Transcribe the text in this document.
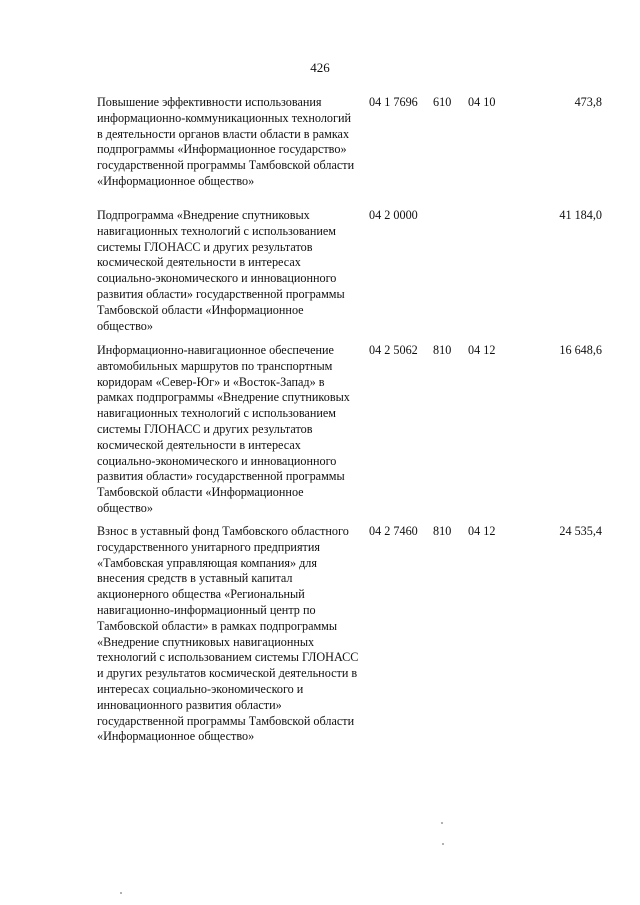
426
Повышение эффективности использования информационно-коммуникационных технологий в деятельности органов власти области в рамках подпрограммы «Информационное государство» государственной программы Тамбовской области «Информационное общество»
04 1 7696 610 04 10	473,8
Подпрограмма «Внедрение спутниковых навигационных технологий с использованием системы ГЛОНАСС и других результатов космической деятельности в интересах социально-экономического и инновационного развития области» государственной программы Тамбовской области «Информационное общество»
04 2 0000	41 184,0
Информационно-навигационное обеспечение автомобильных маршрутов по транспортным коридорам «Север-Юг» и «Восток-Запад» в рамках подпрограммы «Внедрение спутниковых навигационных технологий с использованием системы ГЛОНАСС и других результатов космической деятельности в интересах социально-экономического и инновационного развития области» государственной программы Тамбовской области «Информационное общество»
04 2 5062 810 04 12	16 648,6
Взнос в уставный фонд Тамбовского областного государственного унитарного предприятия «Тамбовская управляющая компания» для внесения средств в уставный капитал акционерного общества «Региональный навигационно-информационный центр по Тамбовской области» в рамках подпрограммы «Внедрение спутниковых навигационных технологий с использованием системы ГЛОНАСС и других результатов космической деятельности в интересах социально-экономического и инновационного развития области» государственной программы Тамбовской области «Информационное общество»
04 2 7460 810 04 12	24 535,4
